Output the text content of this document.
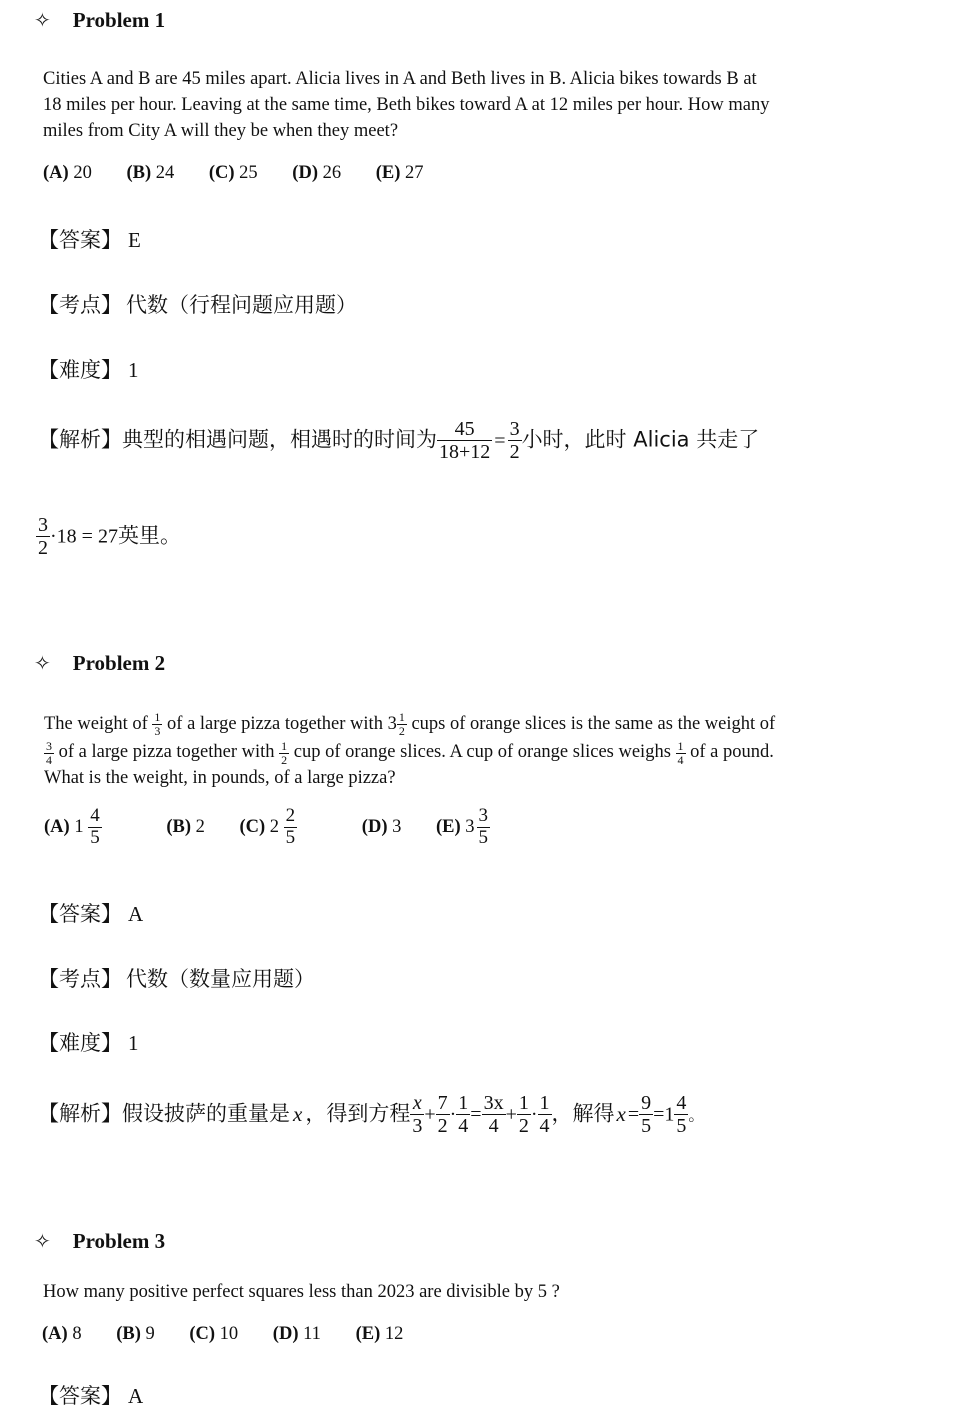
✧ Problem 1
Cities A and B are 45 miles apart. Alicia lives in A and Beth lives in B. Alicia bikes towards B at
18 miles per hour. Leaving at the same time, Beth bikes toward A at 12 miles per hour. How many
miles from City A will they be when they meet?
(A) 20 (B) 24 (C) 25 (D) 26 (E) 27
【答案】 E
【考点】 代数（行程问题应用题）
【难度】 1
【解析】典型的相遇问题，相遇时的时间为 $\frac{45}{18+12} = \frac{3}{2}$ 小时，此时 Alicia 共走了
$\frac{3}{2} \cdot 18 = 27$英里。
✧ Problem 2
The weight of $\frac{1}{3}$ of a large pizza together with $3 \frac{1}{2}$ cups of orange slices is the same as the weight of
$\frac{3}{4}$ of a large pizza together with $\frac{1}{2}$ cup of orange slices. A cup of orange slices weighs $\frac{1}{4}$ of a pound.
What is the weight, in pounds, of a large pizza?
(A) $1 \frac{4}{5} (B)$ 2 (C) $2 \frac{2}{5} (D)$ 3 (E) $3 \frac{3}{5}$
【答案】 A
【考点】 代数（数量应用题）
【难度】 1
【解析】假设披萨的重量是 x ，得到方程 $\frac{x}{3} + \frac{7}{2} \cdot \frac{1}{4} = \frac{3x}{4} + \frac{1}{2} \cdot \frac{1}{4}$ ，解得$x = \frac{9}{5} =1 \frac{4}{5}$ 。
✧ Problem 3
How many positive perfect squares less than 2023 are divisible by 5 ?
(A) 8 (B) 9 (C) 10 (D) 11 (E) 12
【答案】 A
